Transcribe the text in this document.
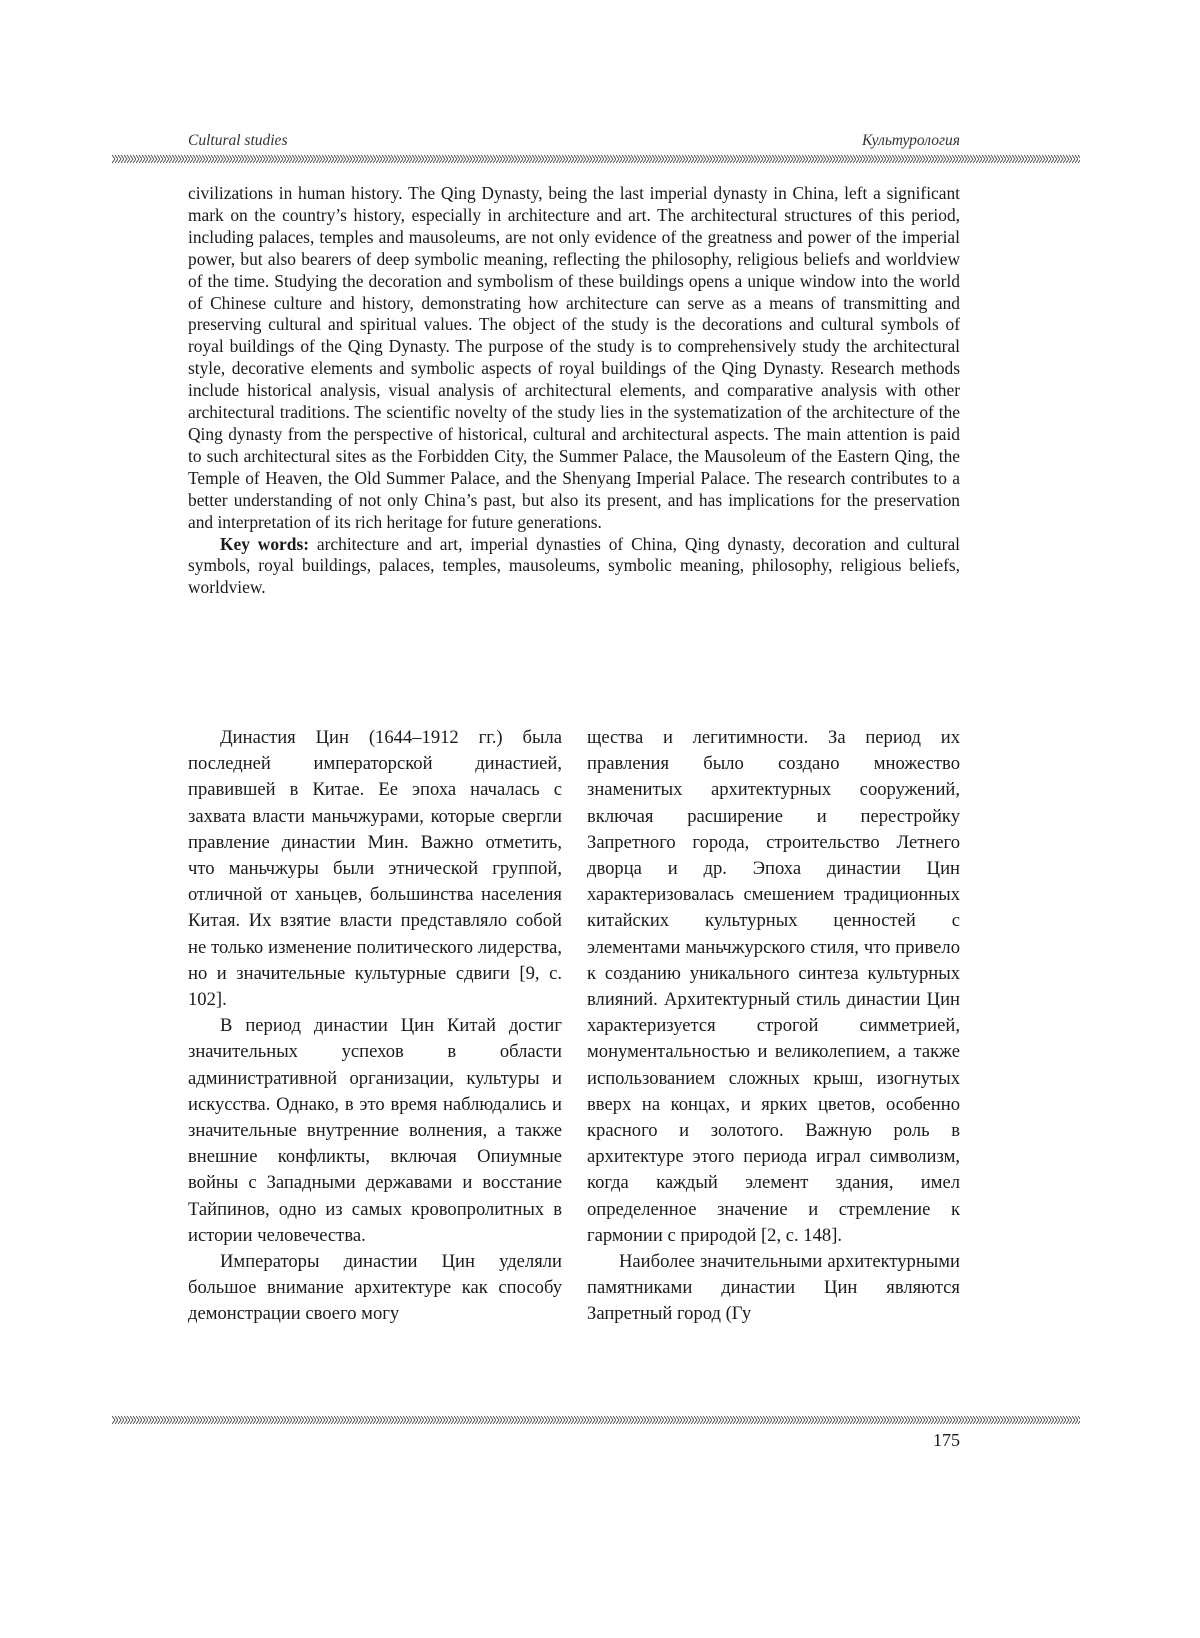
Cultural studies	Культурология

civilizations in human history. The Qing Dynasty, being the last imperial dynasty in China, left a significant mark on the country’s history, especially in architecture and art. The architectural structures of this period, including palaces, temples and mausoleums, are not only evidence of the greatness and power of the imperial power, but also bearers of deep symbolic meaning, reflecting the philosophy, religious beliefs and worldview of the time. Studying the decoration and symbolism of these buildings opens a unique window into the world of Chinese culture and history, demonstrating how architecture can serve as a means of transmitting and preserving cultural and spiritual values. The object of the study is the decorations and cultural symbols of royal buildings of the Qing Dynasty. The purpose of the study is to comprehensively study the architectural style, decorative elements and symbolic aspects of royal buildings of the Qing Dynasty. Research methods include historical analysis, visual analysis of architectural elements, and comparative analysis with other architectural traditions. The scientific novelty of the study lies in the systematization of the architecture of the Qing dynasty from the perspective of historical, cultural and architectural aspects. The main attention is paid to such architectural sites as the Forbidden City, the Summer Palace, the Mausoleum of the Eastern Qing, the Temple of Heaven, the Old Summer Palace, and the Shenyang Imperial Palace. The research contributes to a better understanding of not only China’s past, but also its present, and has implications for the preservation and interpretation of its rich heritage for future generations.

Key words: architecture and art, imperial dynasties of China, Qing dynasty, decoration and cultural symbols, royal buildings, palaces, temples, mausoleums, symbolic meaning, philosophy, religious beliefs, worldview.

Династия Цин (1644–1912 гг.) была последней императорской династией, правившей в Китае. Ее эпоха началась с захвата власти маньчжурами, которые свергли правление династии Мин. Важно отметить, что маньчжуры были этнической группой, отличной от ханьцев, большинства населения Китая. Их взятие власти представляло собой не только изменение политического лидерства, но и значительные культурные сдвиги [9, с. 102].

В период династии Цин Китай достиг значительных успехов в области административной организации, культуры и искусства. Однако, в это время наблюдались и значительные внутренние волнения, а также внешние конфликты, включая Опиумные войны с Западными державами и восстание Тайпинов, одно из самых кровопролитных в истории человечества.

Императоры династии Цин уделяли большое внимание архитектуре как способу демонстрации своего могу

щества и легитимности. За период их правления было создано множество знаменитых архитектурных сооружений, включая расширение и перестройку Запретного города, строительство Летнего дворца и др. Эпоха династии Цин характеризовалась смешением традиционных китайских культурных ценностей с элементами маньчжурского стиля, что привело к созданию уникального синтеза культурных влияний. Архитектурный стиль династии Цин характеризуется строгой симметрией, монументальностью и великолепием, а также использованием сложных крыш, изогнутых вверх на концах, и ярких цветов, особенно красного и золотого. Важную роль в архитектуре этого периода играл символизм, когда каждый элемент здания, имел определенное значение и стремление к гармонии с природой [2, с. 148].

Наиболее значительными архитектурными памятниками династии Цин являются Запретный город (Гу

175
